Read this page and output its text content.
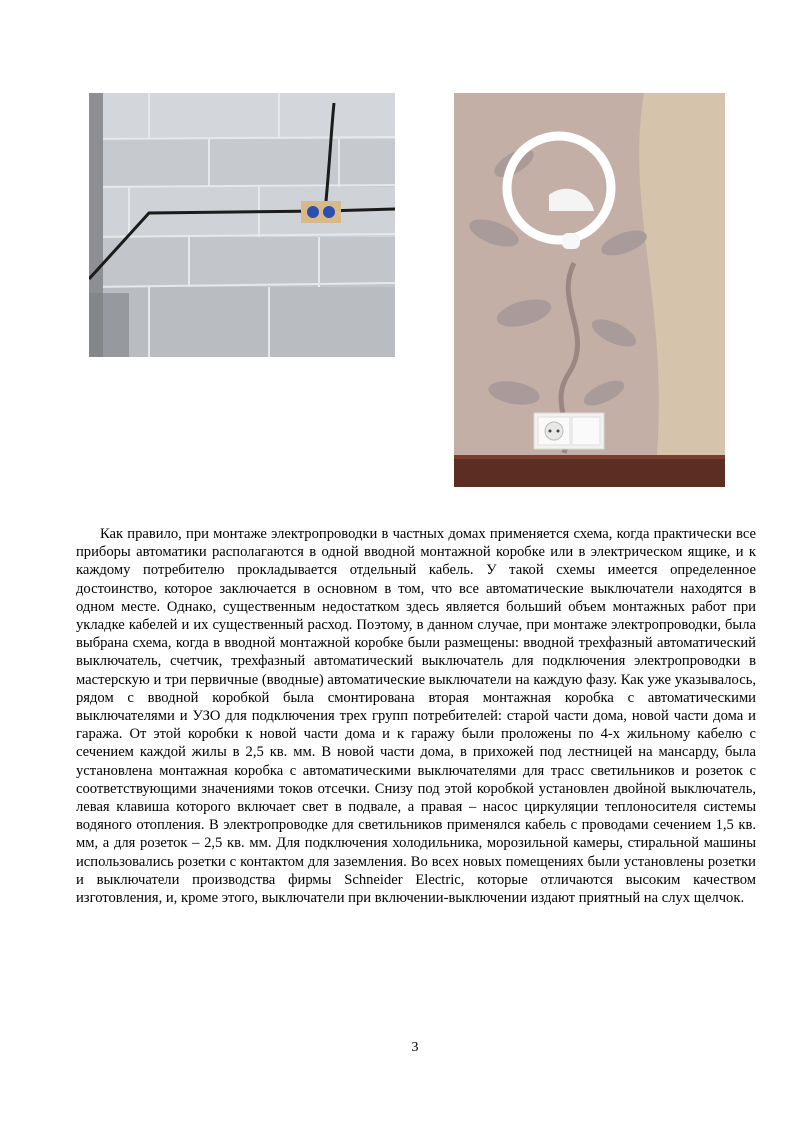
Как правило, при монтаже электропроводки в частных домах применяется схема, когда практически все приборы автоматики располагаются в одной вводной монтажной коробке или в электрическом ящике, и к каждому потребителю прокладывается отдельный кабель. У такой схемы имеется определенное достоинство, которое заключается в основном в том, что все автоматические выключатели находятся в одном месте. Однако, существенным недостатком здесь является больший объем монтажных работ при укладке кабелей и их существенный расход. Поэтому, в данном случае, при монтаже электропроводки, была выбрана схема, когда в вводной монтажной коробке были размещены: вводной трехфазный автоматический выключатель, счетчик, трехфазный автоматический выключатель для подключения электропроводки в мастерскую и три первичные (вводные) автоматические выключатели на каждую фазу. Как уже указывалось, рядом с вводной коробкой была смонтирована вторая монтажная коробка с автоматическими выключателями и УЗО для подключения трех групп потребителей: старой части дома, новой части дома и гаража. От этой коробки к новой части дома и к гаражу были проложены по 4-х жильному кабелю с сечением каждой жилы в 2,5 кв. мм. В новой части дома, в прихожей под лестницей на мансарду, была установлена монтажная коробка с автоматическими выключателями для трасс светильников и розеток с соответствующими значениями токов отсечки. Снизу под этой коробкой установлен двойной выключатель, левая клавиша которого включает свет в подвале, а правая – насос циркуляции теплоносителя системы водяного отопления. В электропроводке для светильников применялся кабель с проводами сечением 1,5 кв. мм, а для розеток – 2,5 кв. мм. Для подключения холодильника, морозильной камеры, стиральной машины использовались розетки с контактом для заземления. Во всех новых помещениях были установлены розетки и выключатели производства фирмы Schneider Electric, которые отличаются высоким качеством изготовления, и, кроме этого, выключатели при включении-выключении издают приятный на слух щелчок.

3
